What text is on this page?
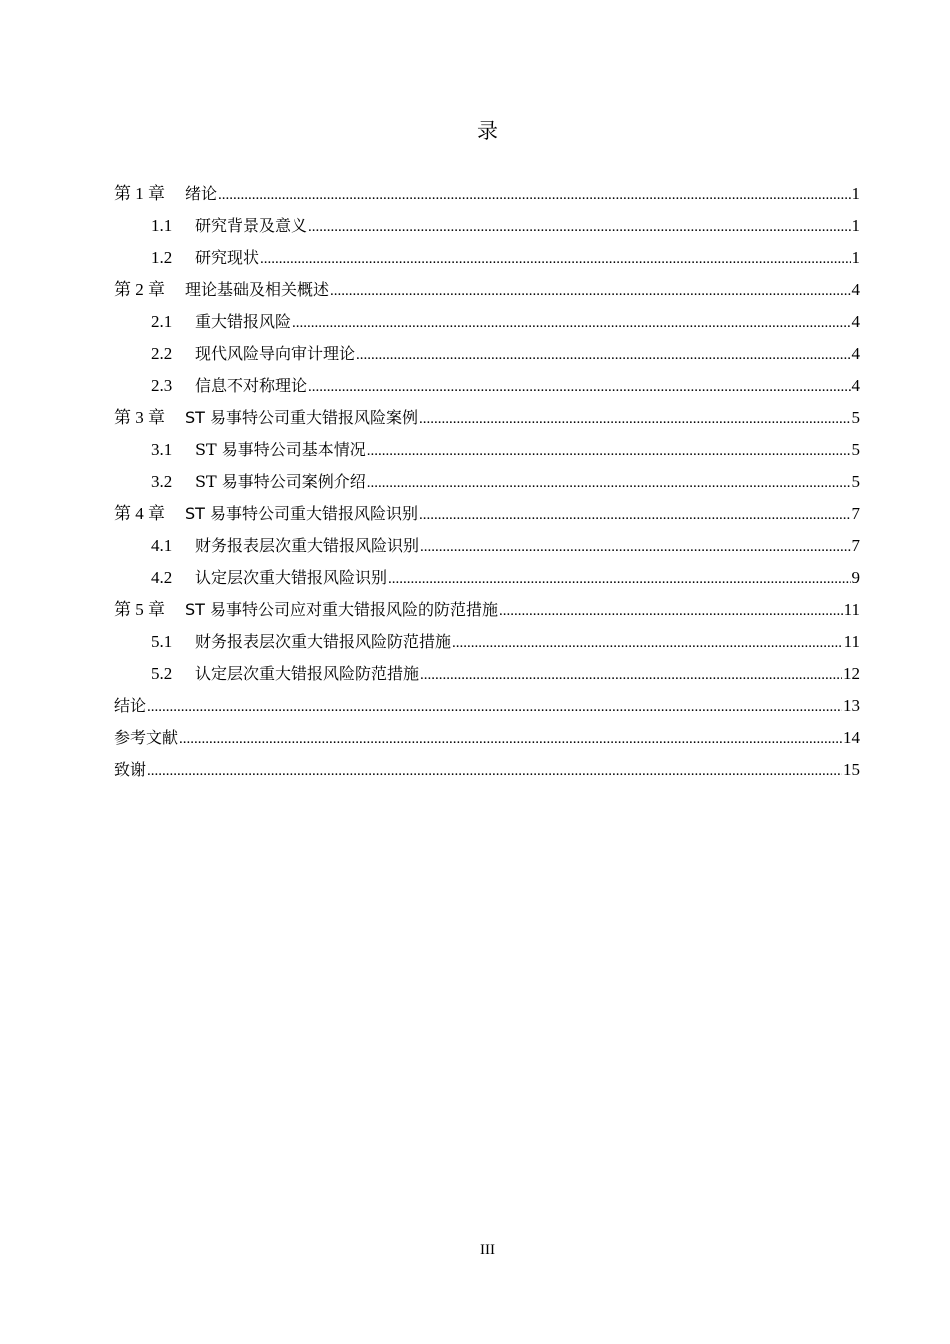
录
第 1 章 绪论 .....	1
1.1 研究背景及意义 .....	1
1.2 研究现状 .....	1
第 2 章 理论基础及相关概述 .....	4
2.1 重大错报风险 .....	4
2.2 现代风险导向审计理论 .....	4
2.3 信息不对称理论 .....	4
第 3 章 ST 易事特公司重大错报风险案例 .....	5
3.1 ST 易事特公司基本情况 .....	5
3.2 ST 易事特公司案例介绍 .....	5
第 4 章 ST 易事特公司重大错报风险识别 .....	7
4.1 财务报表层次重大错报风险识别 .....	7
4.2 认定层次重大错报风险识别 .....	9
第 5 章 ST 易事特公司应对重大错报风险的防范措施 .....	11
5.1 财务报表层次重大错报风险防范措施 .....	11
5.2 认定层次重大错报风险防范措施 .....	12
结论 .....	13
参考文献 .....	14
致谢 .....	15
III
